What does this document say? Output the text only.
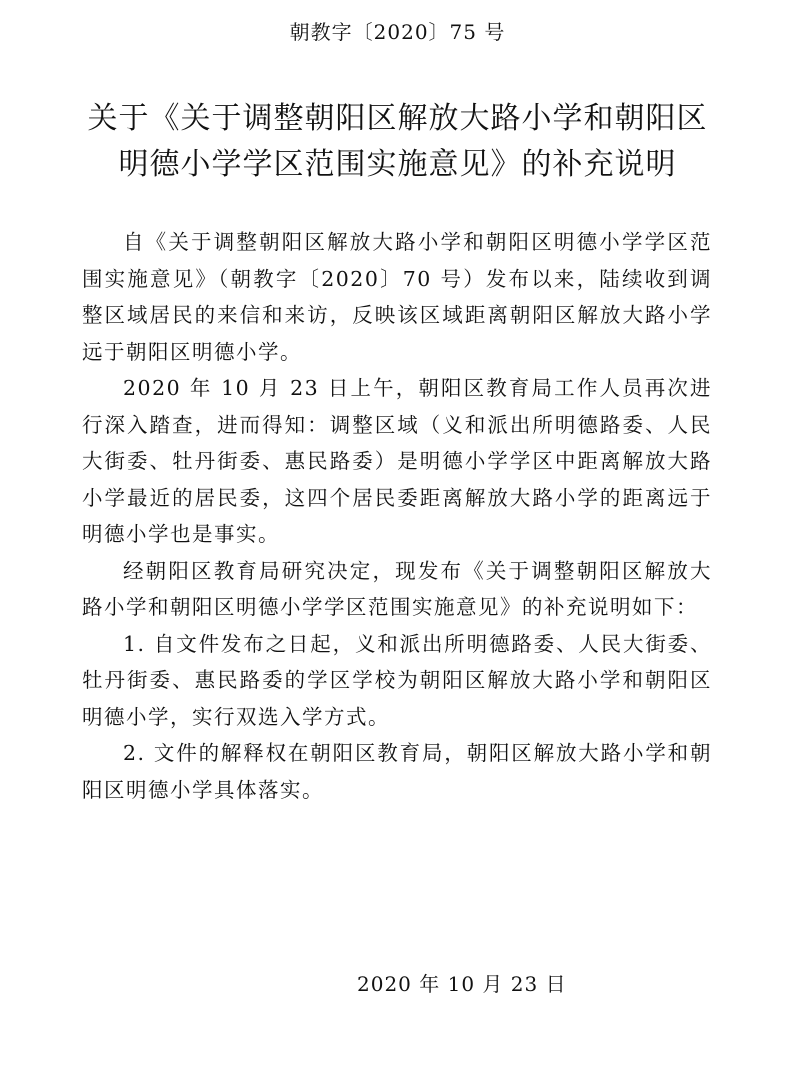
朝教字〔2020〕75 号
关于《关于调整朝阳区解放大路小学和朝阳区
明德小学学区范围实施意见》的补充说明

自《关于调整朝阳区解放大路小学和朝阳区明德小学学区范围实施意见》（朝教字〔2020〕70 号）发布以来，陆续收到调整区域居民的来信和来访，反映该区域距离朝阳区解放大路小学远于朝阳区明德小学。

2020 年 10 月 23 日上午，朝阳区教育局工作人员再次进行深入踏查，进而得知：调整区域（义和派出所明德路委、人民大街委、牡丹街委、惠民路委）是明德小学学区中距离解放大路小学最近的居民委，这四个居民委距离解放大路小学的距离远于明德小学也是事实。

经朝阳区教育局研究决定，现发布《关于调整朝阳区解放大路小学和朝阳区明德小学学区范围实施意见》的补充说明如下：

1. 自文件发布之日起，义和派出所明德路委、人民大街委、牡丹街委、惠民路委的学区学校为朝阳区解放大路小学和朝阳区明德小学，实行双选入学方式。

2. 文件的解释权在朝阳区教育局，朝阳区解放大路小学和朝阳区明德小学具体落实。

2020 年 10 月 23 日
